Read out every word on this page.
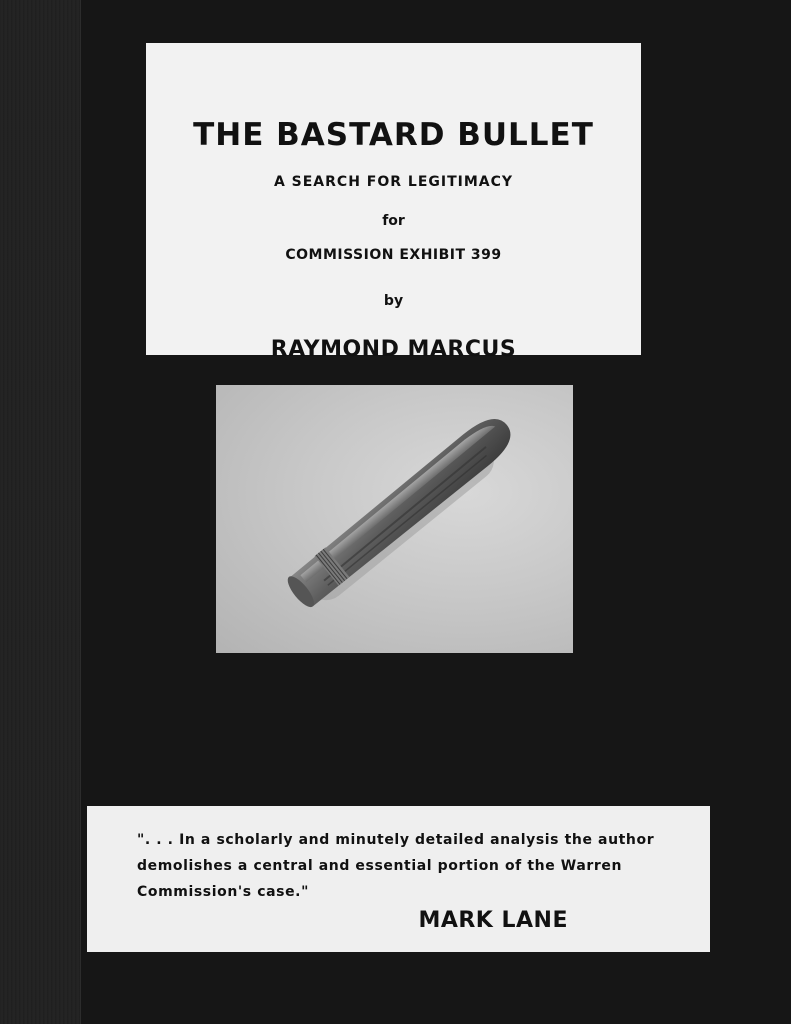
THE BASTARD BULLET
A SEARCH FOR LEGITIMACY
for
COMMISSION EXHIBIT 399
by
RAYMOND MARCUS
". . . In a scholarly and minutely detailed analysis the author demolishes a central and essential portion of the Warren Commission's case."
MARK LANE
